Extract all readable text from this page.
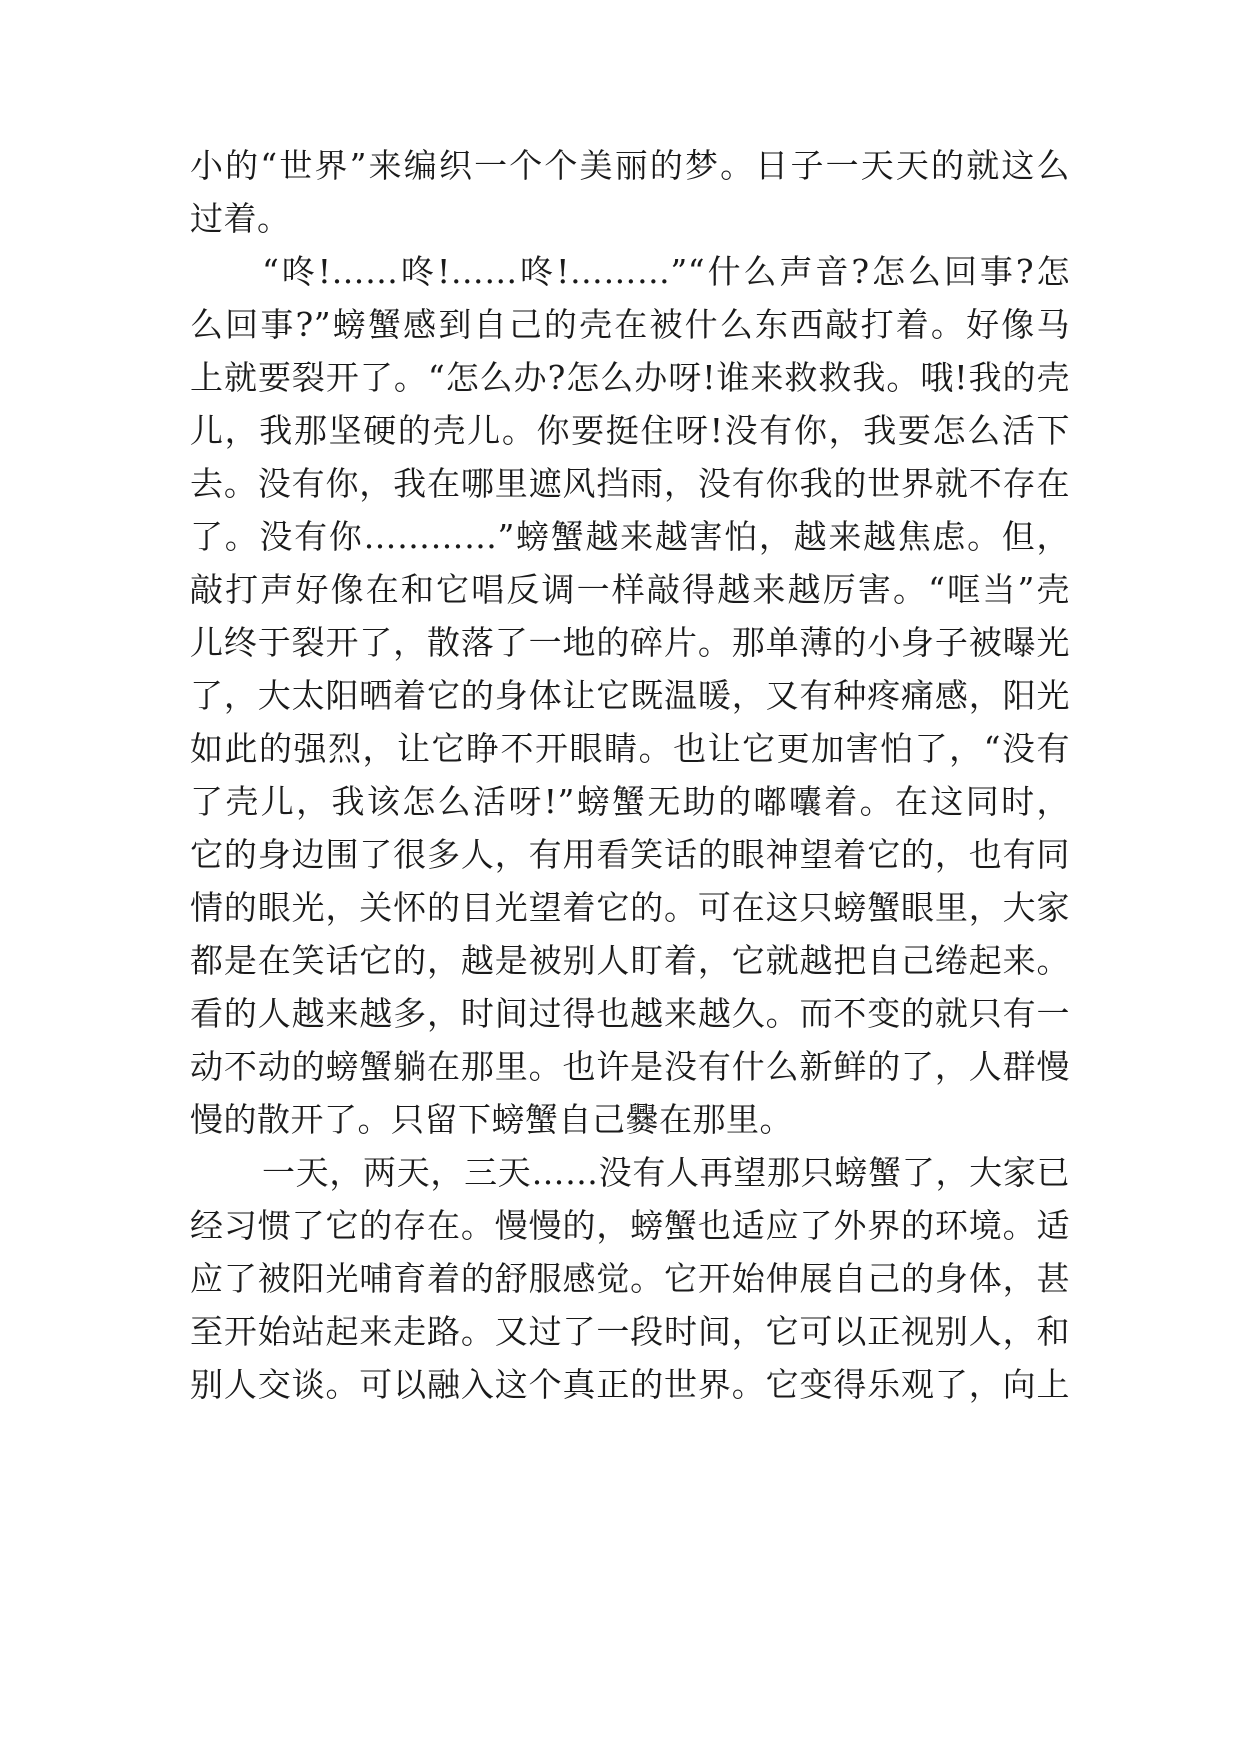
小的“世界”来编织一个个美丽的梦。日子一天天的就这么
过着。
“咚!……咚!……咚!………”“什么声音?怎么回事?怎
么回事?”螃蟹感到自己的壳在被什么东西敲打着。好像马
上就要裂开了。“怎么办?怎么办呀!谁来救救我。哦!我的壳
儿，我那坚硬的壳儿。你要挺住呀!没有你，我要怎么活下
去。没有你，我在哪里遮风挡雨，没有你我的世界就不存在
了。没有你…………”螃蟹越来越害怕，越来越焦虑。但，
敲打声好像在和它唱反调一样敲得越来越厉害。“哐当”壳
儿终于裂开了，散落了一地的碎片。那单薄的小身子被曝光
了，大太阳晒着它的身体让它既温暖，又有种疼痛感，阳光
如此的强烈，让它睁不开眼睛。也让它更加害怕了，“没有
了壳儿，我该怎么活呀!”螃蟹无助的嘟囔着。在这同时，
它的身边围了很多人，有用看笑话的眼神望着它的，也有同
情的眼光，关怀的目光望着它的。可在这只螃蟹眼里，大家
都是在笑话它的，越是被别人盯着，它就越把自己绻起来。
看的人越来越多，时间过得也越来越久。而不变的就只有一
动不动的螃蟹躺在那里。也许是没有什么新鲜的了，人群慢
慢的散开了。只留下螃蟹自己爨在那里。
一天，两天，三天……没有人再望那只螃蟹了，大家已
经习惯了它的存在。慢慢的，螃蟹也适应了外界的环境。适
应了被阳光哺育着的舒服感觉。它开始伸展自己的身体，甚
至开始站起来走路。又过了一段时间，它可以正视别人，和
别人交谈。可以融入这个真正的世界。它变得乐观了，向上
